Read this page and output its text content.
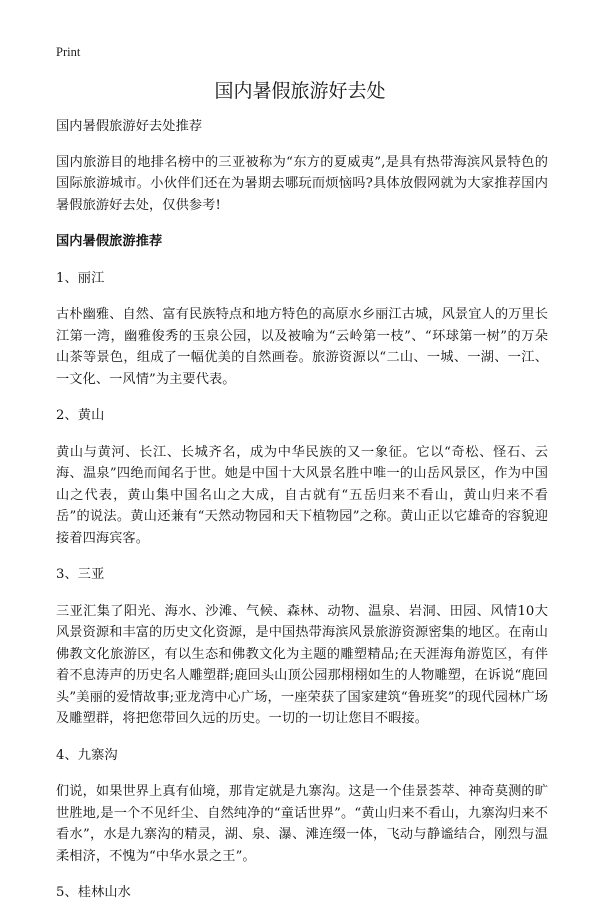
Print
国内暑假旅游好去处

国内暑假旅游好去处推荐

国内旅游目的地排名榜中的三亚被称为“东方的夏威夷”,是具有热带海滨风景特色的国际旅游城市。小伙伴们还在为暑期去哪玩而烦恼吗?具体放假网就为大家推荐国内暑假旅游好去处，仅供参考!

国内暑假旅游推荐

1、丽江

古朴幽雅、自然、富有民族特点和地方特色的高原水乡丽江古城，风景宜人的万里长江第一湾，幽雅俊秀的玉泉公园，以及被喻为“云岭第一枝”、“环球第一树”的万朵山茶等景色，组成了一幅优美的自然画卷。旅游资源以“二山、一城、一湖、一江、一文化、一风情”为主要代表。

2、黄山

黄山与黄河、长江、长城齐名，成为中华民族的又一象征。它以“奇松、怪石、云海、温泉”四绝而闻名于世。她是中国十大风景名胜中唯一的山岳风景区，作为中国山之代表，黄山集中国名山之大成，自古就有“五岳归来不看山，黄山归来不看岳”的说法。黄山还兼有“天然动物园和天下植物园”之称。黄山正以它雄奇的容貌迎接着四海宾客。

3、三亚

三亚汇集了阳光、海水、沙滩、气候、森林、动物、温泉、岩洞、田园、风情10大风景资源和丰富的历史文化资源，是中国热带海滨风景旅游资源密集的地区。在南山佛教文化旅游区，有以生态和佛教文化为主题的雕塑精品;在天涯海角游览区，有伴着不息涛声的历史名人雕塑群;鹿回头山顶公园那栩栩如生的人物雕塑，在诉说“鹿回头”美丽的爱情故事;亚龙湾中心广场，一座荣获了国家建筑“鲁班奖”的现代园林广场及雕塑群，将把您带回久远的历史。一切的一切让您目不暇接。

4、九寨沟

们说，如果世界上真有仙境，那肯定就是九寨沟。这是一个佳景荟萃、神奇莫测的旷世胜地,是一个不见纤尘、自然纯净的“童话世界”。“黄山归来不看山，九寨沟归来不看水”，水是九寨沟的精灵，湖、泉、瀑、滩连缀一体，飞动与静谧结合，刚烈与温柔相济，不愧为“中华水景之王”。

5、桂林山水
